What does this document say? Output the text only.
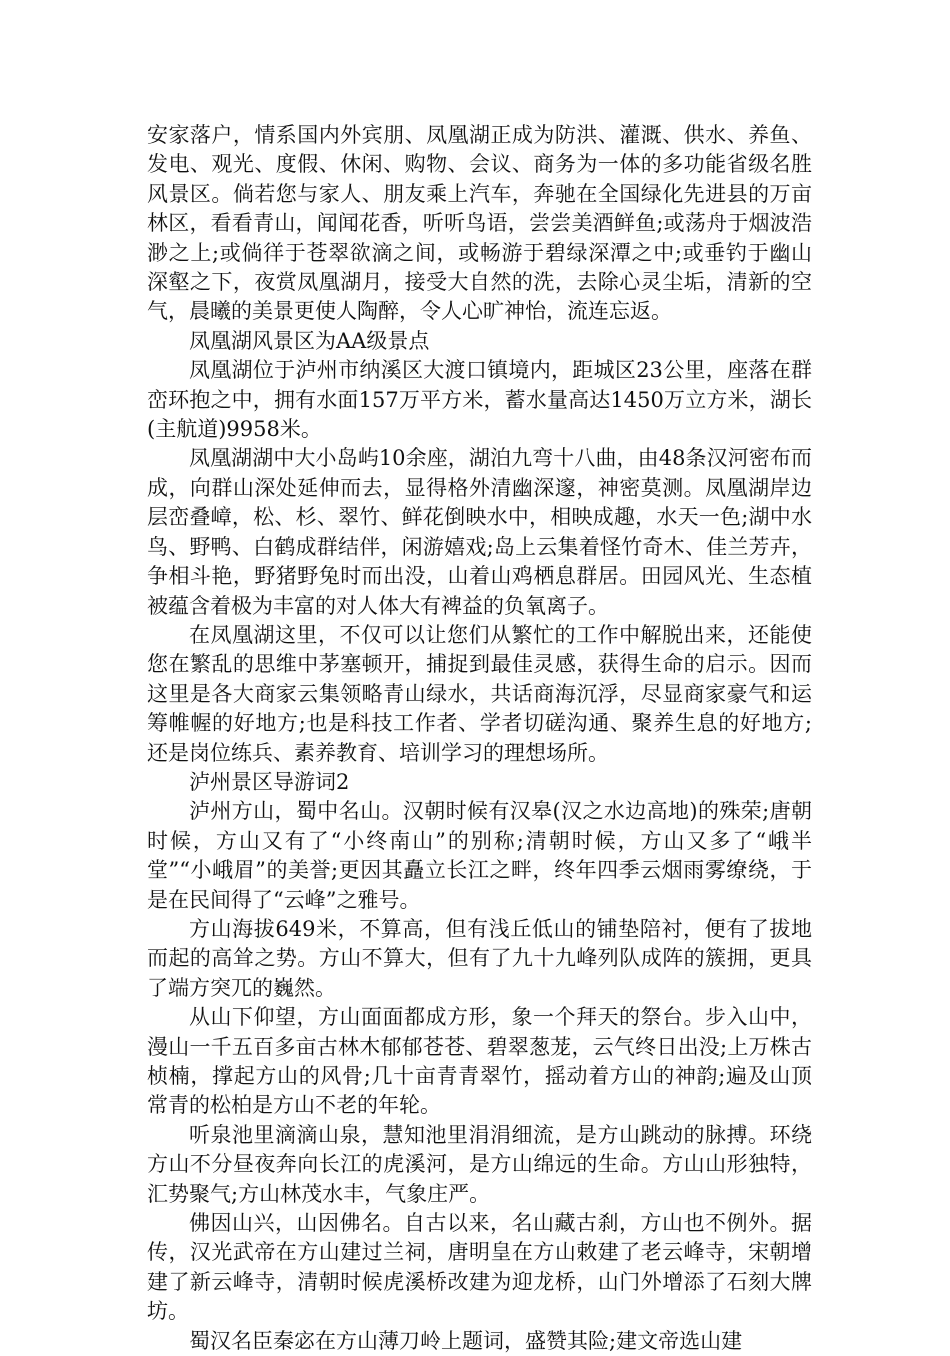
安家落户，情系国内外宾朋、凤凰湖正成为防洪、灌溉、供水、养鱼、发电、观光、度假、休闲、购物、会议、商务为一体的多功能省级名胜风景区。倘若您与家人、朋友乘上汽车，奔驰在全国绿化先进县的万亩林区，看看青山，闻闻花香，听听鸟语，尝尝美酒鲜鱼;或荡舟于烟波浩渺之上;或倘徉于苍翠欲滴之间，或畅游于碧绿深潭之中;或垂钓于幽山深壑之下，夜赏凤凰湖月，接受大自然的洗，去除心灵尘垢，清新的空气，晨曦的美景更使人陶醉，令人心旷神怡，流连忘返。

凤凰湖风景区为AA级景点

凤凰湖位于泸州市纳溪区大渡口镇境内，距城区23公里，座落在群峦环抱之中，拥有水面157万平方米，蓄水量高达1450万立方米，湖长(主航道)9958米。

凤凰湖湖中大小岛屿10余座，湖泊九弯十八曲，由48条汉河密布而成，向群山深处延伸而去，显得格外清幽深邃，神密莫测。凤凰湖岸边层峦叠嶂，松、杉、翠竹、鲜花倒映水中，相映成趣，水天一色;湖中水鸟、野鸭、白鹤成群结伴，闲游嬉戏;岛上云集着怪竹奇木、佳兰芳卉，争相斗艳，野猪野兔时而出没，山着山鸡栖息群居。田园风光、生态植被蕴含着极为丰富的对人体大有裨益的负氧离子。

在凤凰湖这里，不仅可以让您们从繁忙的工作中解脱出来，还能使您在繁乱的思维中茅塞顿开，捕捉到最佳灵感，获得生命的启示。因而这里是各大商家云集领略青山绿水，共话商海沉浮，尽显商家豪气和运筹帷幄的好地方;也是科技工作者、学者切磋沟通、聚养生息的好地方;还是岗位练兵、素养教育、培训学习的理想场所。

泸州景区导游词2

泸州方山，蜀中名山。汉朝时候有汉皋(汉之水边高地)的殊荣;唐朝时候，方山又有了“小终南山”的别称;清朝时候，方山又多了“峨半堂”“小峨眉”的美誉;更因其矗立长江之畔，终年四季云烟雨雾缭绕，于是在民间得了“云峰”之雅号。

方山海拔649米，不算高，但有浅丘低山的铺垫陪衬，便有了拔地而起的高耸之势。方山不算大，但有了九十九峰列队成阵的簇拥，更具了端方突兀的巍然。

从山下仰望，方山面面都成方形，象一个拜天的祭台。步入山中，漫山一千五百多亩古林木郁郁苍苍、碧翠葱茏，云气终日出没;上万株古桢楠，撑起方山的风骨;几十亩青青翠竹，摇动着方山的神韵;遍及山顶常青的松柏是方山不老的年轮。

听泉池里滴滴山泉，慧知池里涓涓细流，是方山跳动的脉搏。环绕方山不分昼夜奔向长江的虎溪河，是方山绵远的生命。方山山形独特，汇势聚气;方山林茂水丰，气象庄严。

佛因山兴，山因佛名。自古以来，名山藏古刹，方山也不例外。据传，汉光武帝在方山建过兰祠，唐明皇在方山敕建了老云峰寺，宋朝增建了新云峰寺，清朝时候虎溪桥改建为迎龙桥，山门外增添了石刻大牌坊。

蜀汉名臣秦宓在方山薄刀岭上题词，盛赞其险;建文帝选山建
